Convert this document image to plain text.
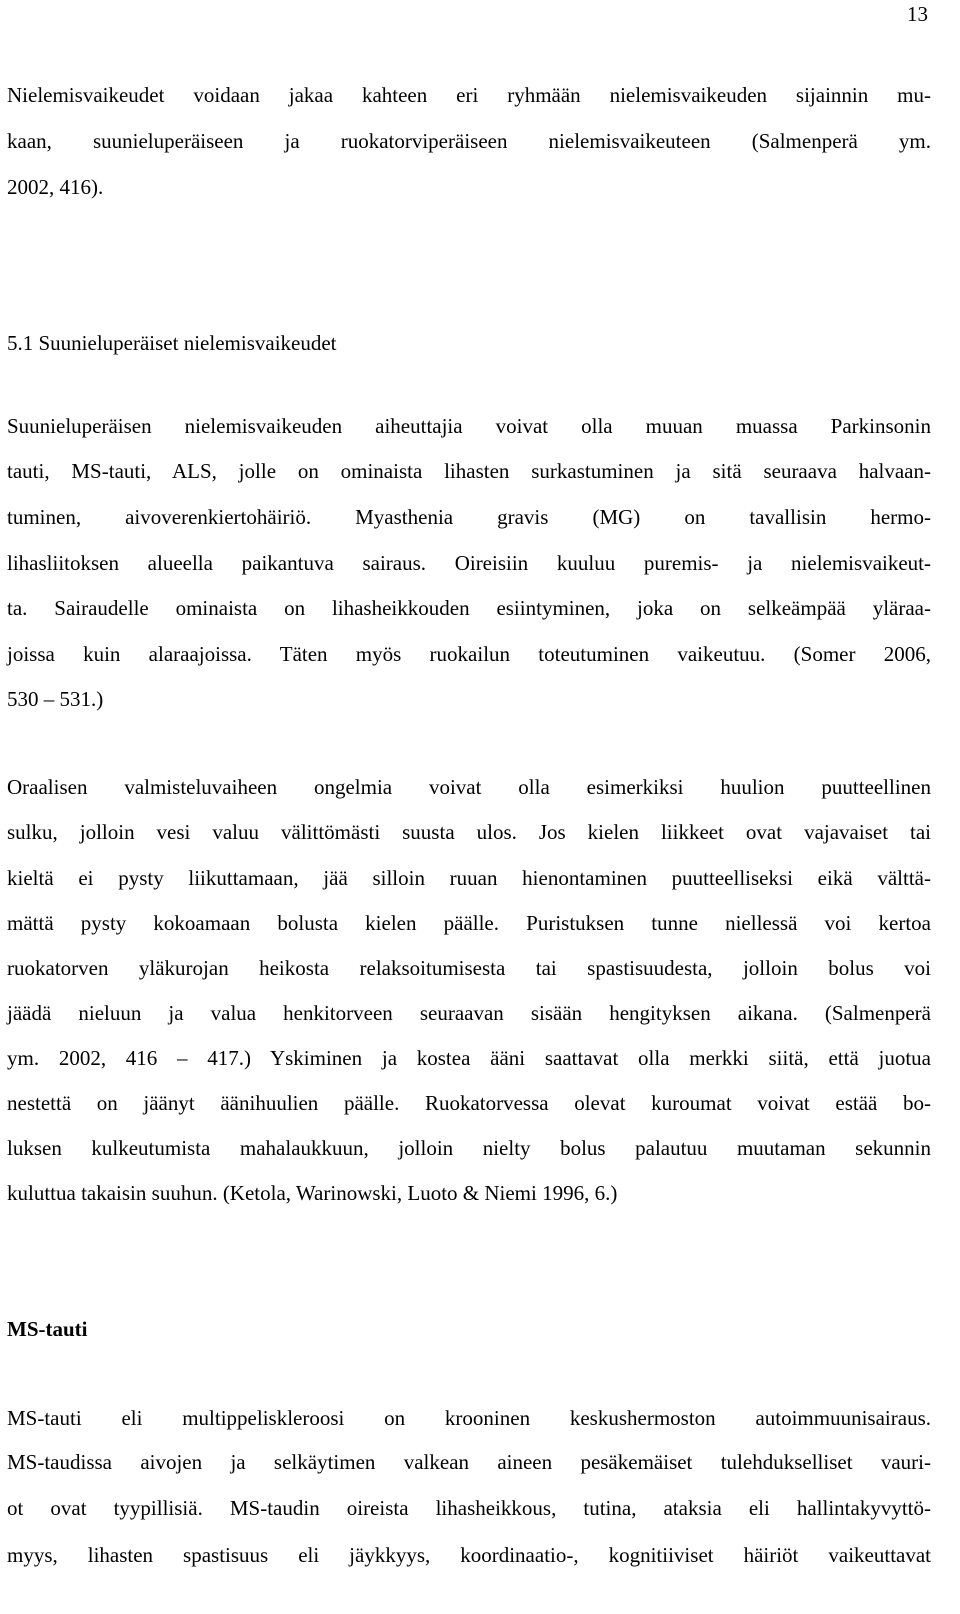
13
Nielemisvaikeudet voidaan jakaa kahteen eri ryhmään nielemisvaikeuden sijainnin mu-
kaan, suunieluperäiseen ja ruokatorviperäiseen nielemisvaikeuteen (Salmenperä ym.
2002, 416).
5.1 Suunieluperäiset nielemisvaikeudet
Suunieluperäisen nielemisvaikeuden aiheuttajia voivat olla muuan muassa Parkinsonin
tauti, MS-tauti, ALS, jolle on ominaista lihasten surkastuminen ja sitä seuraava halvaan-
tuminen, aivoverenkiertohäiriö. Myasthenia gravis (MG) on tavallisin hermo-
lihasliitoksen alueella paikantuva sairaus. Oireisiin kuuluu puremis- ja nielemisvaikeut-
ta. Sairaudelle ominaista on lihasheikkouden esiintyminen, joka on selkeämpää yläraa-
joissa kuin alaraajoissa. Täten myös ruokailun toteutuminen vaikeutuu. (Somer 2006,
530 – 531.)
Oraalisen valmisteluvaiheen ongelmia voivat olla esimerkiksi huulion puutteellinen
sulku, jolloin vesi valuu välittömästi suusta ulos. Jos kielen liikkeet ovat vajavaiset tai
kieltä ei pysty liikuttamaan, jää silloin ruuan hienontaminen puutteelliseksi eikä välttä-
mättä pysty kokoamaan bolusta kielen päälle. Puristuksen tunne niellessä voi kertoa
ruokatorven yläkurojan heikosta relaksoitumisesta tai spastisuudesta, jolloin bolus voi
jäädä nieluun ja valua henkitorveen seuraavan sisään hengityksen aikana. (Salmenperä
ym. 2002, 416 – 417.) Yskiminen ja kostea ääni saattavat olla merkki siitä, että juotua
nestettä on jäänyt äänihuulien päälle. Ruokatorvessa olevat kuroumat voivat estää bo-
luksen kulkeutumista mahalaukkuun, jolloin nielty bolus palautuu muutaman sekunnin
kuluttua takaisin suuhun. (Ketola, Warinowski, Luoto & Niemi 1996, 6.)
MS-tauti
MS-tauti eli multippeliskleroosi on krooninen keskushermoston autoimmuunisairaus.
MS-taudissa aivojen ja selkäytimen valkean aineen pesäkemäiset tulehdukselliset vauri-
ot ovat tyypillisiä. MS-taudin oireista lihasheikkous, tutina, ataksia eli hallintakyvyttö-
myys, lihasten spastisuus eli jäykkyys, koordinaatio-, kognitiiviset häiriöt vaikeuttavat
